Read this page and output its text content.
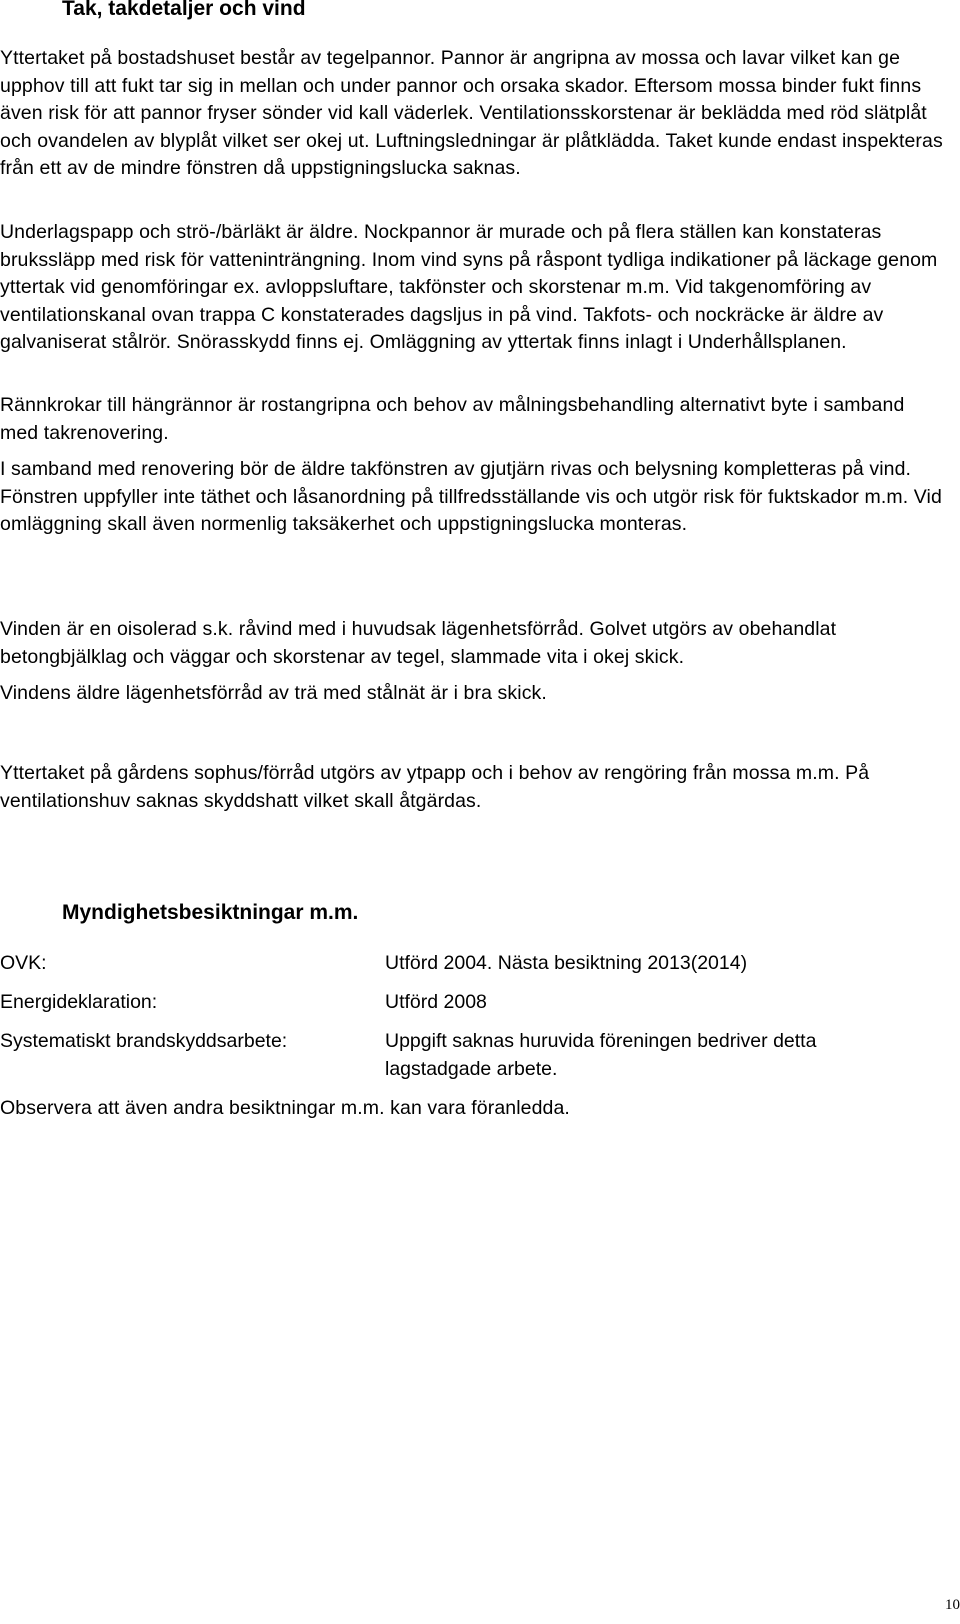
Tak, takdetaljer och vind

Yttertaket på bostadshuset består av tegelpannor. Pannor är angripna av mossa och lavar vilket kan ge upphov till att fukt tar sig in mellan och under pannor och orsaka skador. Eftersom mossa binder fukt finns även risk för att pannor fryser sönder vid kall väderlek. Ventilationsskorstenar är beklädda med röd slätplåt och ovandelen av blyplåt vilket ser okej ut. Luftningsledningar är plåtklädda. Taket kunde endast inspekteras från ett av de mindre fönstren då uppstigningslucka saknas.

Underlagspapp och strö-/bärläkt är äldre. Nockpannor är murade och på flera ställen kan konstateras brukssläpp med risk för vatteninträngning. Inom vind syns på råspont tydliga indikationer på läckage genom yttertak vid genomföringar ex. avloppsluftare, takfönster och skorstenar m.m. Vid takgenomföring av ventilationskanal ovan trappa C konstaterades dagsljus in på vind. Takfots- och nockräcke är äldre av galvaniserat stålrör. Snörasskydd finns ej. Omläggning av yttertak finns inlagt i Underhållsplanen.

Rännkrokar till hängrännor är rostangripna och behov av målningsbehandling alternativt byte i samband med takrenovering.

I samband med renovering bör de äldre takfönstren av gjutjärn rivas och belysning kompletteras på vind. Fönstren uppfyller inte täthet och låsanordning på tillfredsställande vis och utgör risk för fuktskador m.m. Vid omläggning skall även normenlig taksäkerhet och uppstigningslucka monteras.

Vinden är en oisolerad s.k. råvind med i huvudsak lägenhetsförråd. Golvet utgörs av obehandlat betongbjälklag och väggar och skorstenar av tegel, slammade vita i okej skick.

Vindens äldre lägenhetsförråd av trä med stålnät är i bra skick.

Yttertaket på gårdens sophus/förråd utgörs av ytpapp och i behov av rengöring från mossa m.m. På ventilationshuv saknas skyddshatt vilket skall åtgärdas.

Myndighetsbesiktningar m.m.
OVK:	Utförd 2004. Nästa besiktning 2013(2014)
Energideklaration:	Utförd 2008
Systematiskt brandskyddsarbete:	Uppgift saknas huruvida föreningen bedriver detta lagstadgade arbete.

Observera att även andra besiktningar m.m. kan vara föranledda.

10
